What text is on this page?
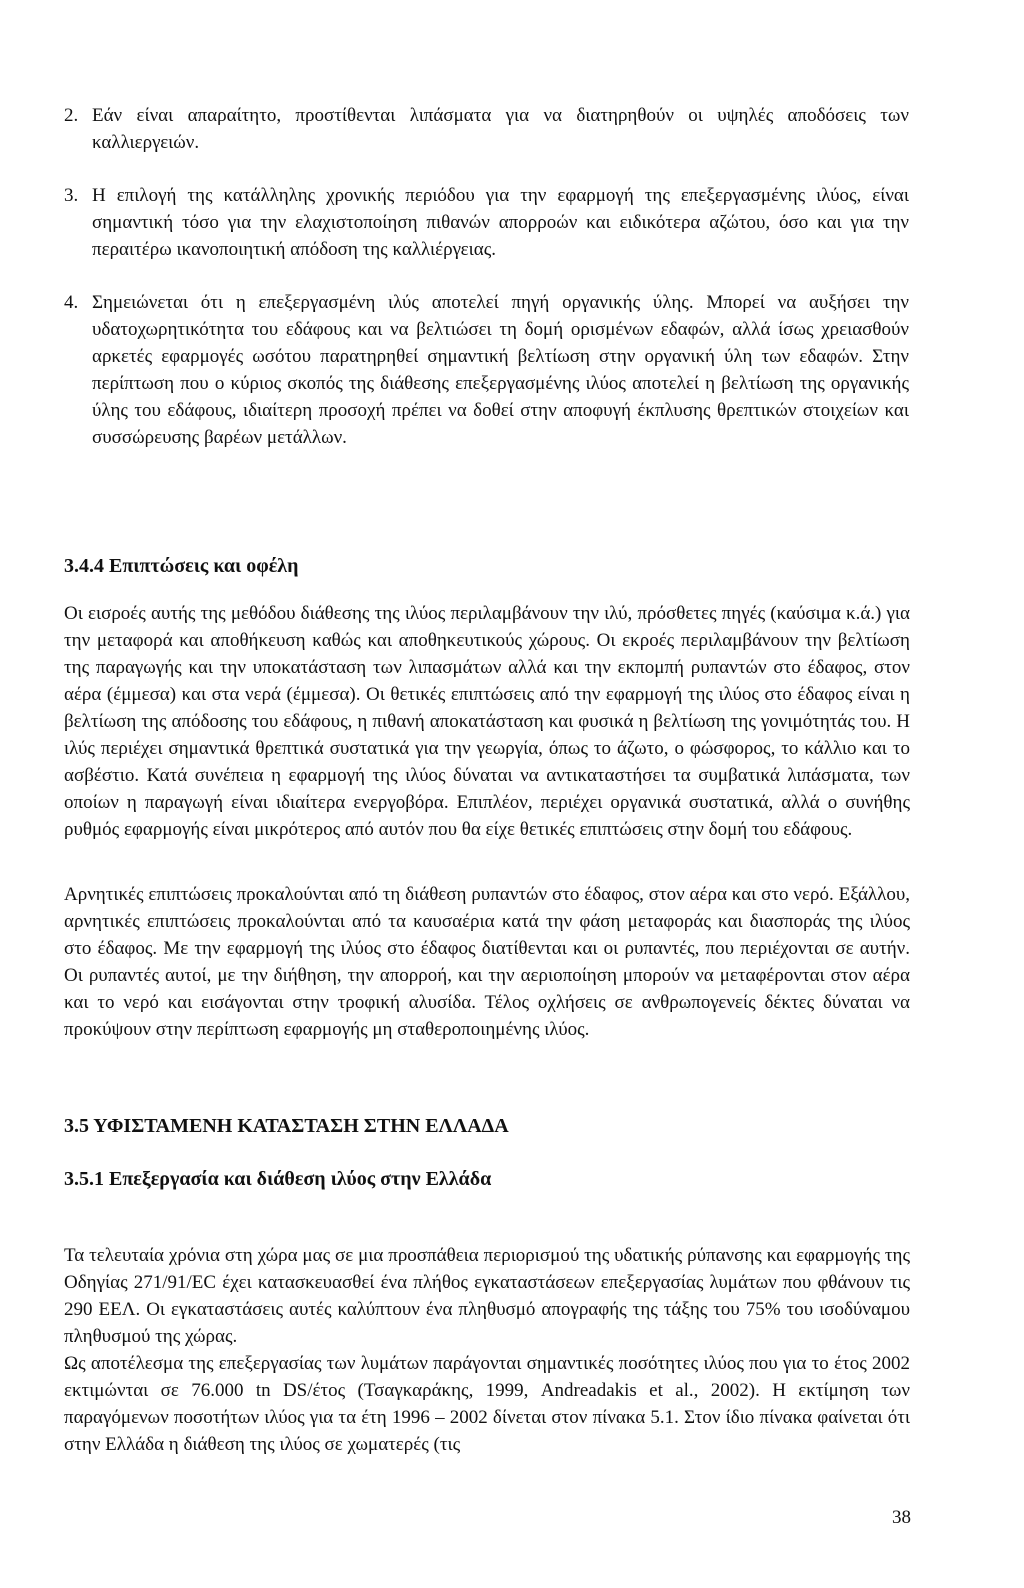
2. Εάν είναι απαραίτητο, προστίθενται λιπάσματα για να διατηρηθούν οι υψηλές αποδόσεις των καλλιεργειών.
3. Η επιλογή της κατάλληλης χρονικής περιόδου για την εφαρμογή της επεξεργασμένης ιλύος, είναι σημαντική τόσο για την ελαχιστοποίηση πιθανών απορροών και ειδικότερα αζώτου, όσο και για την περαιτέρω ικανοποιητική απόδοση της καλλιέργειας.
4. Σημειώνεται ότι η επεξεργασμένη ιλύς αποτελεί πηγή οργανικής ύλης. Μπορεί να αυξήσει την υδατοχωρητικότητα του εδάφους και να βελτιώσει τη δομή ορισμένων εδαφών, αλλά ίσως χρειασθούν αρκετές εφαρμογές ωσότου παρατηρηθεί σημαντική βελτίωση στην οργανική ύλη των εδαφών. Στην περίπτωση που ο κύριος σκοπός της διάθεσης επεξεργασμένης ιλύος αποτελεί η βελτίωση της οργανικής ύλης του εδάφους, ιδιαίτερη προσοχή πρέπει να δοθεί στην αποφυγή έκπλυσης θρεπτικών στοιχείων και συσσώρευσης βαρέων μετάλλων.
3.4.4 Επιπτώσεις και οφέλη

Οι εισροές αυτής της μεθόδου διάθεσης της ιλύος περιλαμβάνουν την ιλύ, πρόσθετες πηγές (καύσιμα κ.ά.) για την μεταφορά και αποθήκευση καθώς και αποθηκευτικούς χώρους. Οι εκροές περιλαμβάνουν την βελτίωση της παραγωγής και την υποκατάσταση των λιπασμάτων αλλά και την εκπομπή ρυπαντών στο έδαφος, στον αέρα (έμμεσα) και στα νερά (έμμεσα). Οι θετικές επιπτώσεις από την εφαρμογή της ιλύος στο έδαφος είναι η βελτίωση της απόδοσης του εδάφους, η πιθανή αποκατάσταση και φυσικά η βελτίωση της γονιμότητάς του. Η ιλύς περιέχει σημαντικά θρεπτικά συστατικά για την γεωργία, όπως το άζωτο, ο φώσφορος, το κάλλιο και το ασβέστιο. Κατά συνέπεια η εφαρμογή της ιλύος δύναται να αντικαταστήσει τα συμβατικά λιπάσματα, των οποίων η παραγωγή είναι ιδιαίτερα ενεργοβόρα. Επιπλέον, περιέχει οργανικά συστατικά, αλλά ο συνήθης ρυθμός εφαρμογής είναι μικρότερος από αυτόν που θα είχε θετικές επιπτώσεις στην δομή του εδάφους.

Αρνητικές επιπτώσεις προκαλούνται από τη διάθεση ρυπαντών στο έδαφος, στον αέρα και στο νερό. Εξάλλου, αρνητικές επιπτώσεις προκαλούνται από τα καυσαέρια κατά την φάση μεταφοράς και διασποράς της ιλύος στο έδαφος. Με την εφαρμογή της ιλύος στο έδαφος διατίθενται και οι ρυπαντές, που περιέχονται σε αυτήν. Οι ρυπαντές αυτοί, με την διήθηση, την απορροή, και την αεριοποίηση μπορούν να μεταφέρονται στον αέρα και το νερό και εισάγονται στην τροφική αλυσίδα. Τέλος οχλήσεις σε ανθρωπογενείς δέκτες δύναται να προκύψουν στην περίπτωση εφαρμογής μη σταθεροποιημένης ιλύος.

3.5 ΥΦΙΣΤΑΜΕΝΗ ΚΑΤΑΣΤΑΣΗ ΣΤΗΝ ΕΛΛΑΔΑ
3.5.1 Επεξεργασία και διάθεση ιλύος στην Ελλάδα

Τα τελευταία χρόνια στη χώρα μας σε μια προσπάθεια περιορισμού της υδατικής ρύπανσης και εφαρμογής της Οδηγίας 271/91/ΕC έχει κατασκευασθεί ένα πλήθος εγκαταστάσεων επεξεργασίας λυμάτων που φθάνουν τις 290 ΕΕΛ. Οι εγκαταστάσεις αυτές καλύπτουν ένα πληθυσμό απογραφής της τάξης του 75% του ισοδύναμου πληθυσμού της χώρας.

Ως αποτέλεσμα της επεξεργασίας των λυμάτων παράγονται σημαντικές ποσότητες ιλύος που για το έτος 2002 εκτιμώνται σε 76.000 tn DS/έτος (Τσαγκαράκης, 1999, Andreadakis et al., 2002). Η εκτίμηση των παραγόμενων ποσοτήτων ιλύος για τα έτη 1996 – 2002 δίνεται στον πίνακα 5.1. Στον ίδιο πίνακα φαίνεται ότι στην Ελλάδα η διάθεση της ιλύος σε χωματερές (τις

38
